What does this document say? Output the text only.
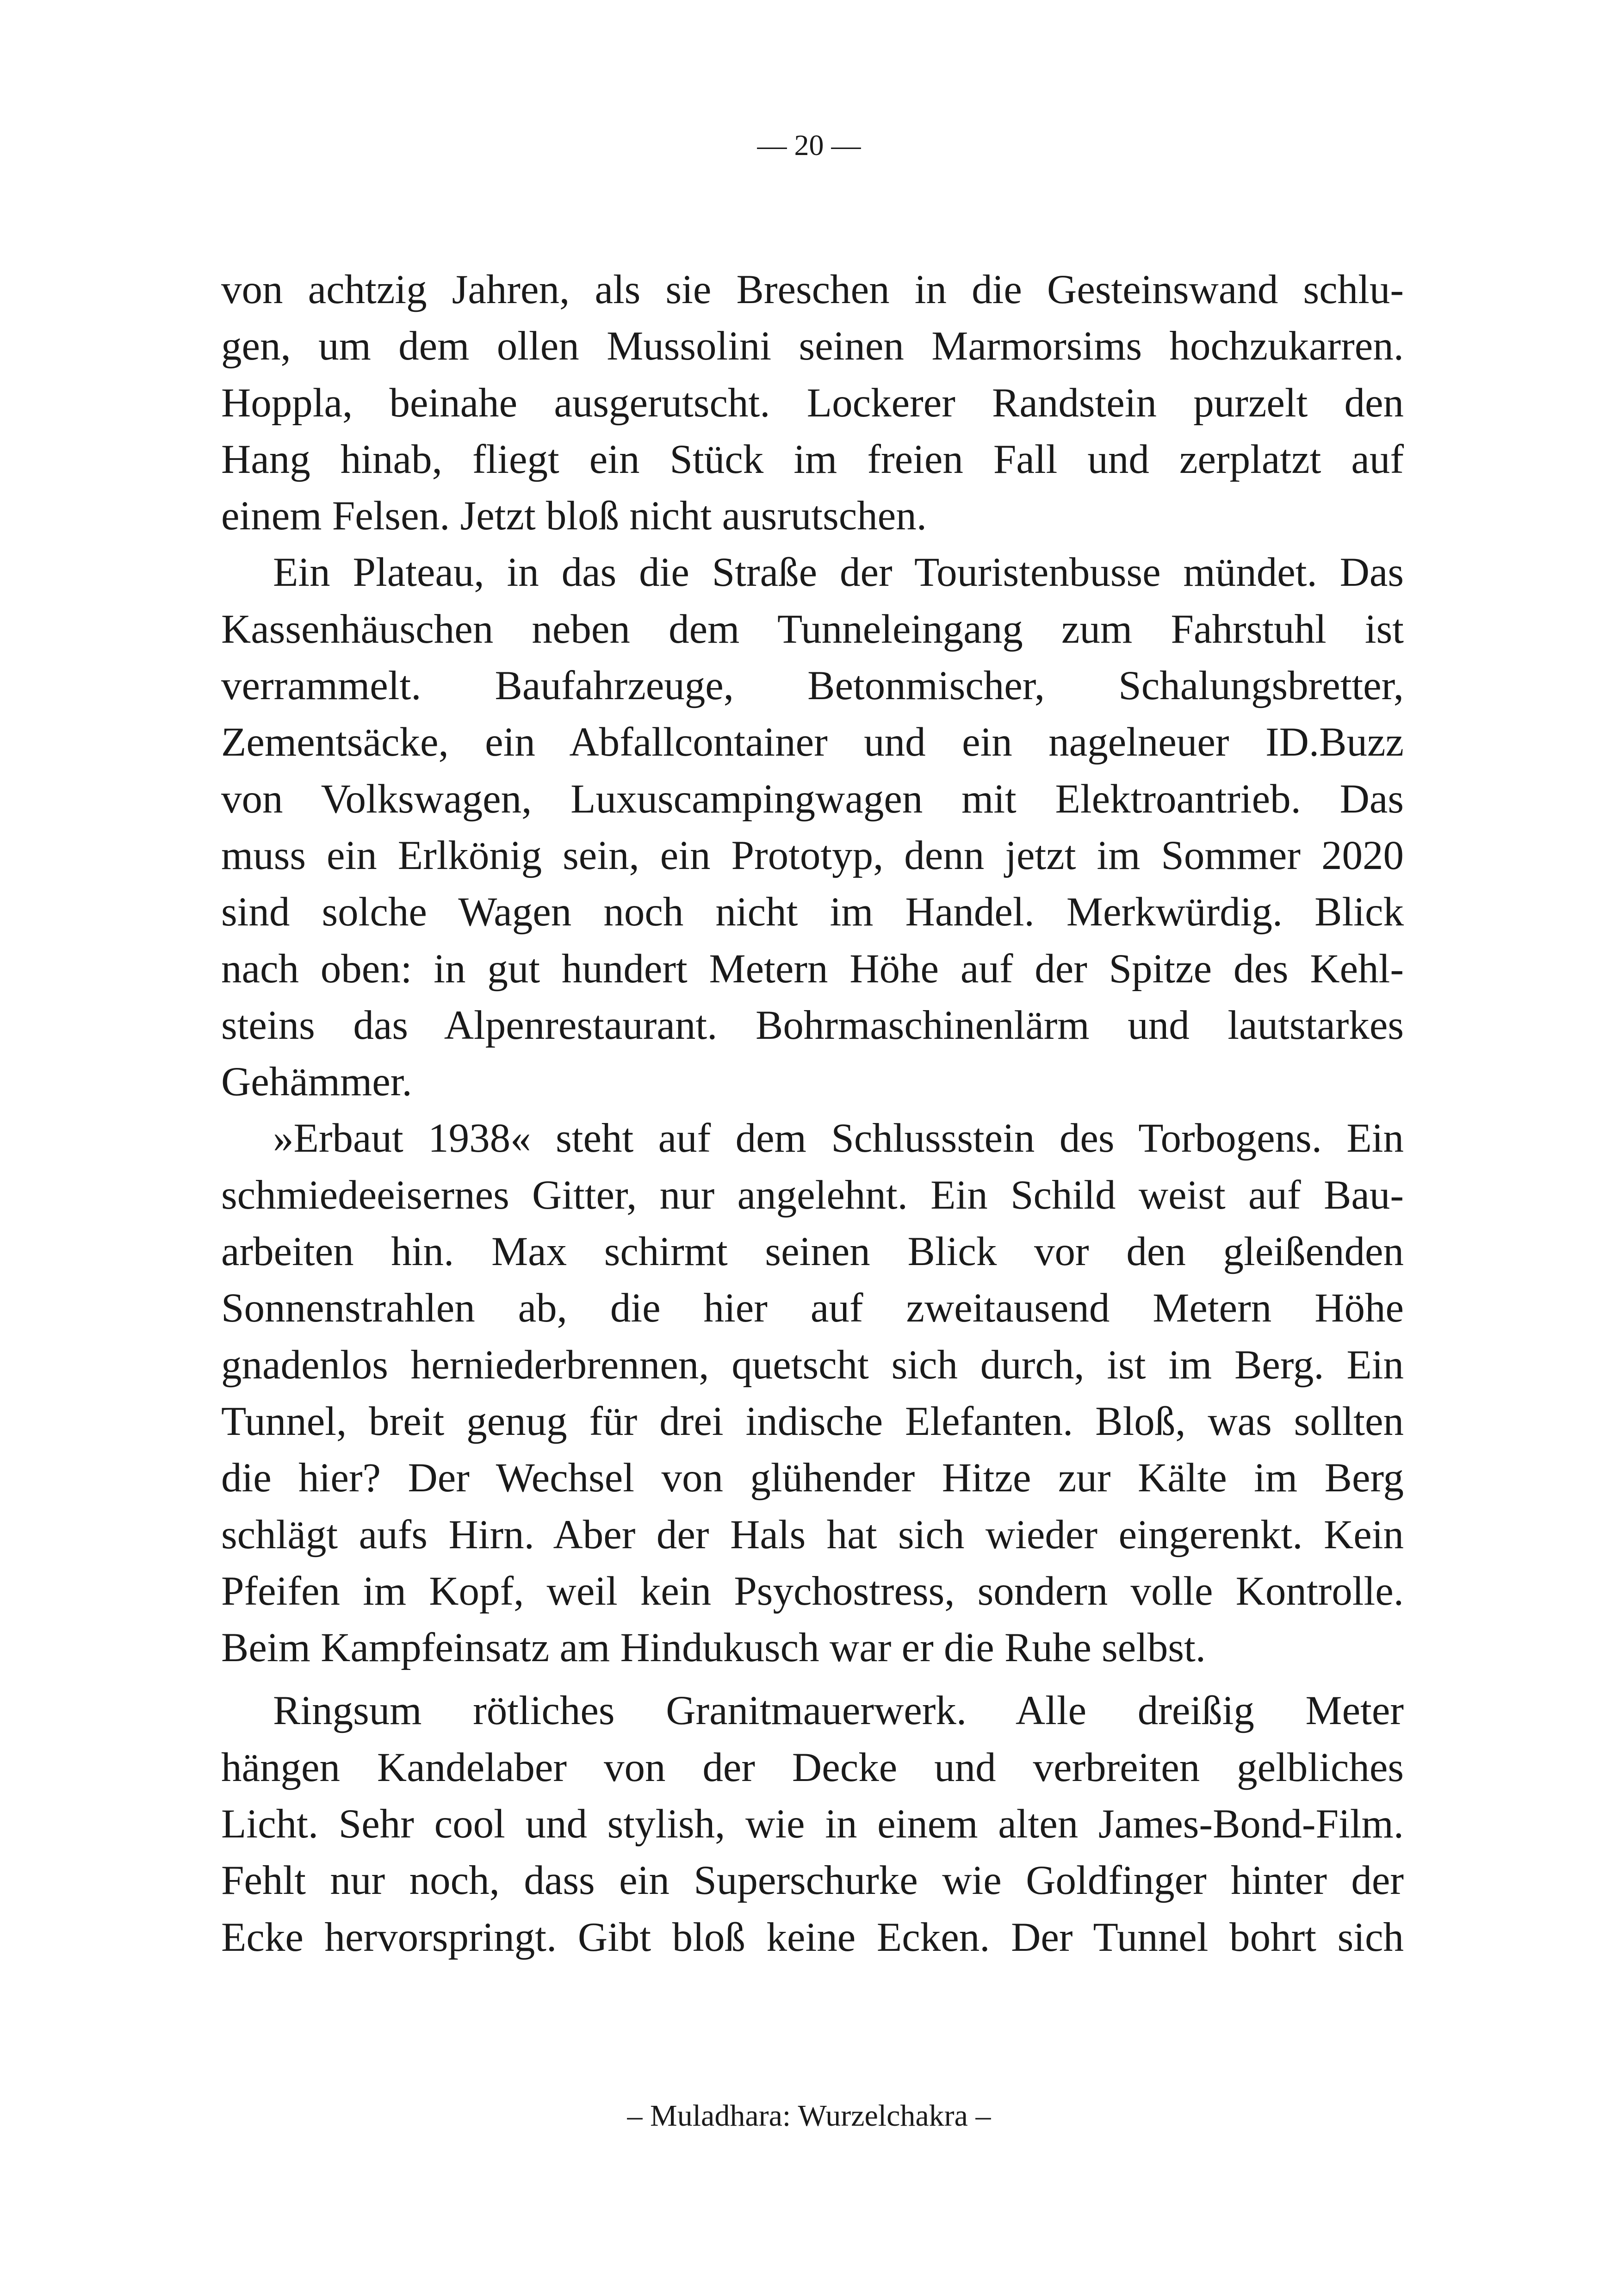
— 20 —

von achtzig Jahren, als sie Breschen in die Gesteinswand schlu-
gen, um dem ollen Mussolini seinen Marmorsims hochzukarren.
Hoppla, beinahe ausgerutscht. Lockerer Randstein purzelt den
Hang hinab, fliegt ein Stück im freien Fall und zerplatzt auf
einem Felsen. Jetzt bloß nicht ausrutschen.

Ein Plateau, in das die Straße der Touristenbusse mündet. Das
Kassenhäuschen neben dem Tunneleingang zum Fahrstuhl ist
verrammelt. Baufahrzeuge, Betonmischer, Schalungsbretter,
Zementsäcke, ein Abfallcontainer und ein nagelneuer ID.Buzz
von Volkswagen, Luxuscampingwagen mit Elektroantrieb. Das
muss ein Erlkönig sein, ein Prototyp, denn jetzt im Sommer 2020
sind solche Wagen noch nicht im Handel. Merkwürdig. Blick
nach oben: in gut hundert Metern Höhe auf der Spitze des Kehl-
steins das Alpenrestaurant. Bohrmaschinenlärm und lautstarkes
Gehämmer.

»Erbaut 1938« steht auf dem Schlussstein des Torbogens. Ein
schmiedeeisernes Gitter, nur angelehnt. Ein Schild weist auf Bau-
arbeiten hin. Max schirmt seinen Blick vor den gleißenden
Sonnenstrahlen ab, die hier auf zweitausend Metern Höhe
gnadenlos herniederbrennen, quetscht sich durch, ist im Berg. Ein
Tunnel, breit genug für drei indische Elefanten. Bloß, was sollten
die hier? Der Wechsel von glühender Hitze zur Kälte im Berg
schlägt aufs Hirn. Aber der Hals hat sich wieder eingerenkt. Kein
Pfeifen im Kopf, weil kein Psychostress, sondern volle Kontrolle.
Beim Kampfeinsatz am Hindukusch war er die Ruhe selbst.

Ringsum rötliches Granitmauerwerk. Alle dreißig Meter
hängen Kandelaber von der Decke und verbreiten gelbliches
Licht. Sehr cool und stylish, wie in einem alten James-Bond-Film.
Fehlt nur noch, dass ein Superschurke wie Goldfinger hinter der
Ecke hervorspringt. Gibt bloß keine Ecken. Der Tunnel bohrt sich

– Muladhara: Wurzelchakra –
